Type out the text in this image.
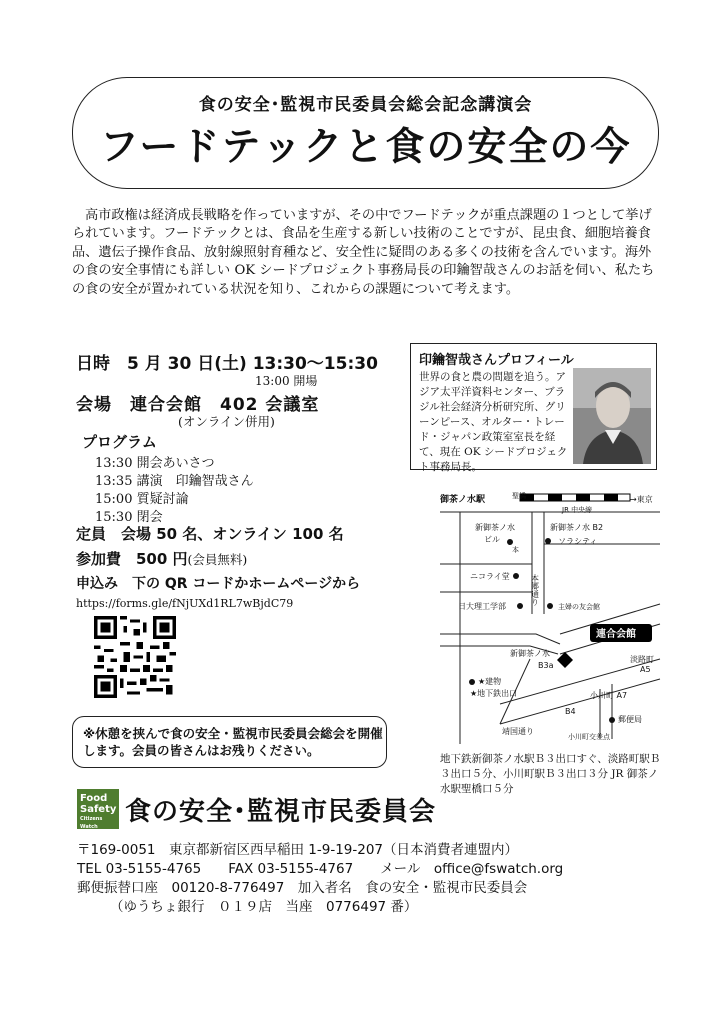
食の安全･監視市民委員会総会記念講演会
フードテックと食の安全の今
高市政権は経済成長戦略を作っていますが、その中でフードテックが重点課題の１つとして挙げられています。フードテックとは、食品を生産する新しい技術のことですが、昆虫食、細胞培養食品、遺伝子操作食品、放射線照射育種など、安全性に疑問のある多くの技術を含んでいます。海外の食の安全事情にも詳しい OK シードプロジェクト事務局長の印鑰智哉さんのお話を伺い、私たちの食の安全が置かれている状況を知り、これからの課題について考えます。
日時　5 月 30 日(土) 13:30～15:30
13:00 開場
会場　連合会館　402 会議室
(オンライン併用)
プログラム
13:30 開会あいさつ
13:35 講演　印鑰智哉さん
15:00 質疑討論
15:30 閉会
定員　会場 50 名、オンライン 100 名
参加費　500 円(会員無料)
申込み　下の QR コードかホームページから
https://forms.gle/fNjUXd1RL7wBjdC79
印鑰智哉さんプロフィール
世界の食と農の問題を追う。アジア太平洋資料センター、ブラジル社会経済分析研究所、グリーンピース、オルター・トレード・ジャパン政策室室長を経て、現在 OK シードプロジェクト事務局長。
御茶ノ水駅	聖橋
JR 中央線
→東京
新御茶ノ水
ビル
新御茶ノ水 B2
ソラシティ
ニコライ堂	本郷通り
日大理工学部	主婦の友会館
連合会館
新御茶ノ水
B3a
淡路町
A5
★建物
★地下鉄出口	小川町 A7
B4
郵便局
靖国通り
小川町交差点
本
地下鉄新御茶ノ水駅Ｂ３出口すぐ、淡路町駅Ｂ３出口５分、小川町駅Ｂ３出口３分 JR 御茶ノ水駅聖橋口５分
※休憩を挟んで食の安全・監視市民委員会総会を開催します。会員の皆さんはお残りください。
Food
Safety
Citizens Watch	食の安全･監視市民委員会
〒169-0051　東京都新宿区西早稲田 1-9-19-207（日本消費者連盟内）
TEL 03-5155-4765　　FAX 03-5155-4767　　メール　office@fswatch.org
郵便振替口座　00120-8-776497　加入者名　食の安全・監視市民委員会
（ゆうちょ銀行　０１９店　当座　0776497 番）
